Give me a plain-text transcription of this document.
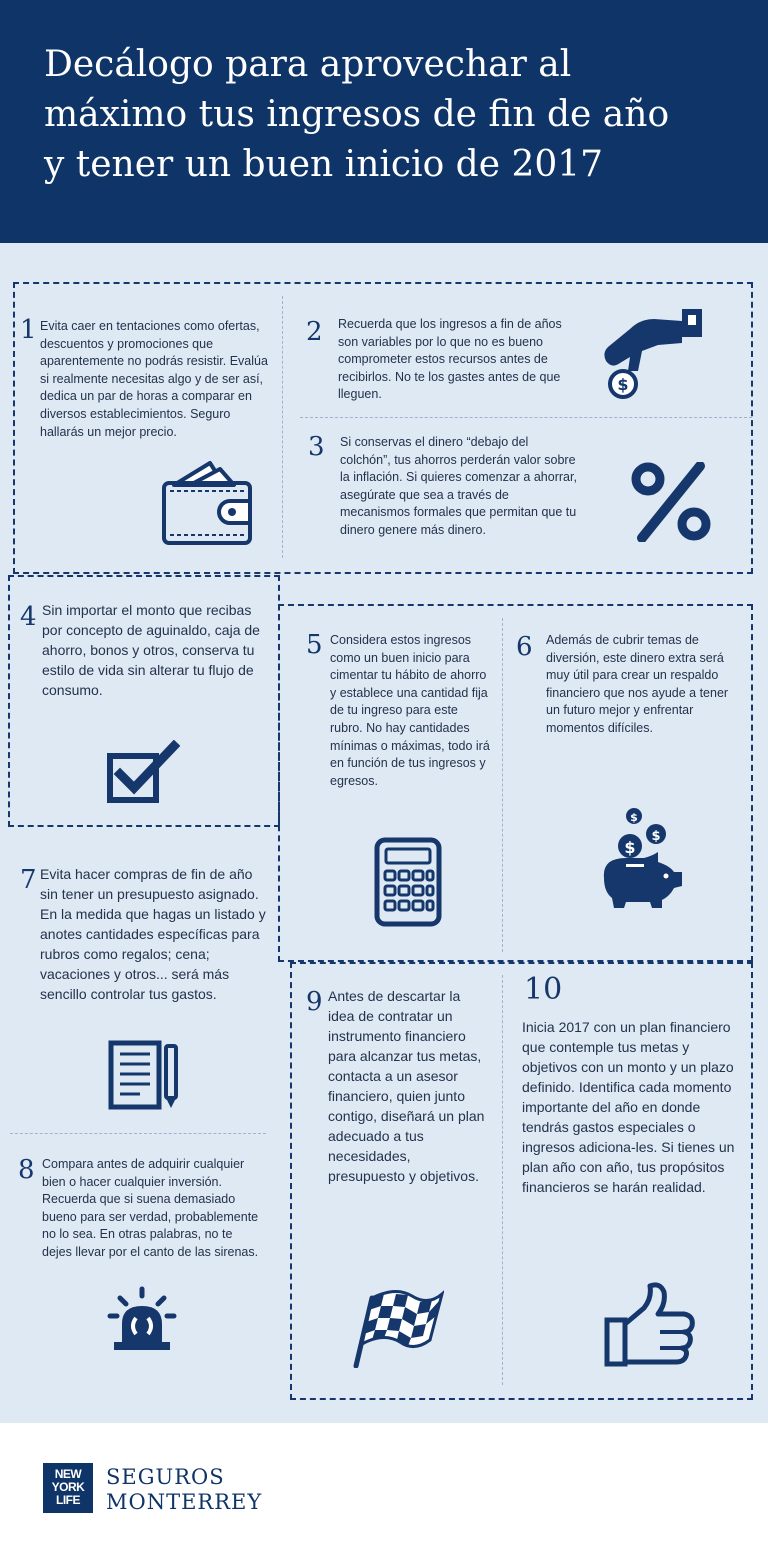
Decálogo para aprovechar al
máximo tus ingresos de fin de año
y tener un buen inicio de 2017
1 Evita caer en tentaciones como ofertas, descuentos y promociones que aparentemente no podrás resistir. Evalúa si realmente necesitas algo y de ser así, dedica un par de horas a comparar en diversos establecimientos. Seguro hallarás un mejor precio.
2 Recuerda que los ingresos a fin de años son variables por lo que no es bueno comprometer estos recursos antes de recibirlos. No te los gastes antes de que lleguen.
$
3 Si conservas el dinero “debajo del colchón”, tus ahorros perderán valor sobre la inflación. Si quieres comenzar a ahorrar, asegúrate que sea a través de mecanismos formales que permitan que tu dinero genere más dinero.
4 Sin importar el monto que recibas por concepto de aguinaldo, caja de ahorro, bonos y otros, conserva tu estilo de vida sin alterar tu flujo de consumo.
5 Considera estos ingresos como un buen inicio para cimentar tu hábito de ahorro y establece una cantidad fija de tu ingreso para este rubro. No hay cantidades mínimas o máximas, todo irá en función de tus ingresos y egresos.
6 Además de cubrir temas de diversión, este dinero extra será muy útil para crear un respaldo financiero que nos ayude a tener un futuro mejor y enfrentar momentos difíciles.
$
$
$
7 Evita hacer compras de fin de año sin tener un presupuesto asignado. En la medida que hagas un listado y anotes cantidades específicas para rubros como regalos; cena; vacaciones y otros... será más sencillo controlar tus gastos.
8 Compara antes de adquirir cualquier bien o hacer cualquier inversión. Recuerda que si suena demasiado bueno para ser verdad, probablemente no lo sea. En otras palabras, no te dejes llevar por el canto de las sirenas.
9 Antes de descartar la idea de contratar un instrumento financiero para alcanzar tus metas, contacta a un asesor financiero, quien junto contigo, diseñará un plan adecuado a tus necesidades, presupuesto y objetivos.
10
Inicia 2017 con un plan financiero que contemple tus metas y objetivos con un monto y un plazo definido. Identifica cada momento importante del año en donde tendrás gastos especiales o ingresos adiciona-les. Si tienes un plan año con año, tus propósitos financieros se harán realidad.
NEW
YORK
LIFE
SEGUROS
MONTERREY
